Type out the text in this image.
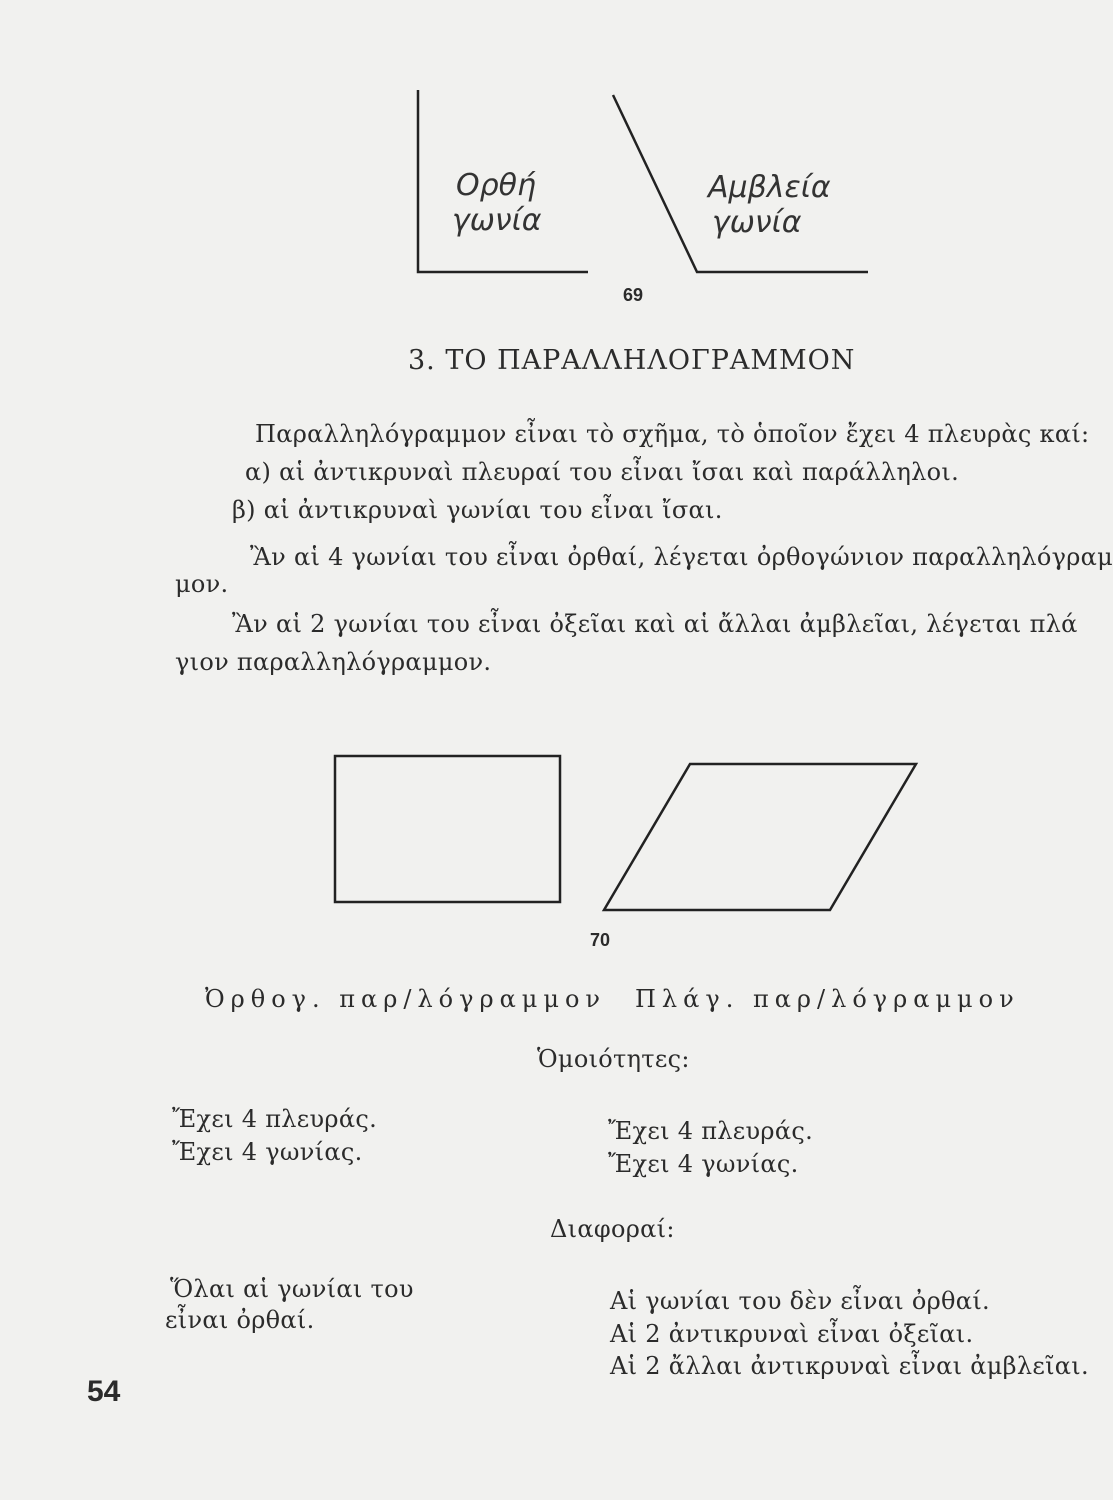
Ορθή
γωνία
Αμβλεία
γωνία
69
3. ΤΟ ΠΑΡΑΛΛΗΛΟΓΡΑΜΜΟΝ
Παραλληλόγραμμον εἶναι τὸ σχῆμα, τὸ ὁποῖον ἔχει 4 πλευρὰς καί:
α) αἱ ἀντικρυναὶ πλευραί του εἶναι ἴσαι καὶ παράλληλοι.
β) αἱ ἀντικρυναὶ γωνίαι του εἶναι ἴσαι.
Ἂν αἱ 4 γωνίαι του εἶναι ὀρθαί, λέγεται ὀρθογώνιον παραλληλόγραμ
μον.
Ἂν αἱ 2 γωνίαι του εἶναι ὀξεῖαι καὶ αἱ ἄλλαι ἀμβλεῖαι, λέγεται πλά
γιον παραλληλόγραμμον.
70
Ὀρθογ. παρ/λόγραμμον Πλάγ. παρ/λόγραμμον
Ὁμοιότητες:
Ἔχει 4 πλευράς.
Ἔχει 4 γωνίας.
Ἔχει 4 πλευράς.
Ἔχει 4 γωνίας.
Διαφοραί:
Ὅλαι αἱ γωνίαι του
εἶναι ὀρθαί.
Αἱ γωνίαι του δὲν εἶναι ὀρθαί.
Αἱ 2 ἀντικρυναὶ εἶναι ὀξεῖαι.
Αἱ 2 ἄλλαι ἀντικρυναὶ εἶναι ἀμβλεῖαι.
54
